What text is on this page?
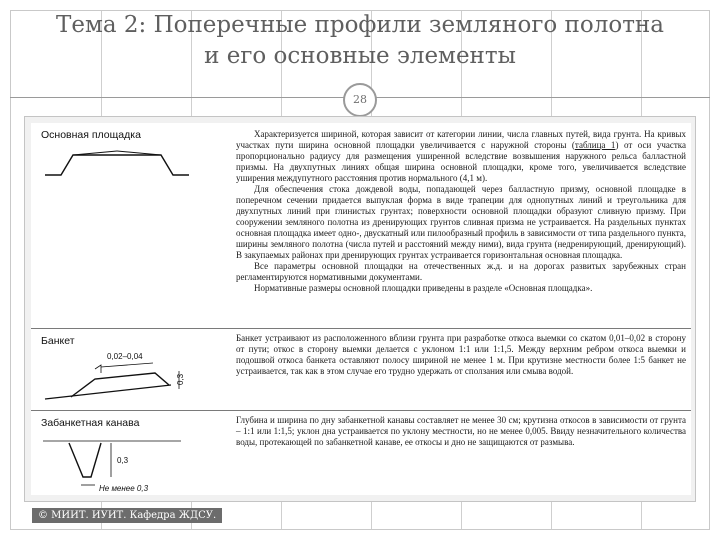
Тема 2: Поперечные профили земляного полотна
и его основные элементы
28
Основная площадка	Характеризуется шириной, которая зависит от категории линии, числа главных путей, вида грунта. На кривых участках пути ширина основной площадки увеличивается с наружной стороны (таблица 1) от оси участка пропорционально радиусу для размещения уширенной вследствие возвышения наружного рельса балластной призмы. На двухпутных линиях общая ширина основной площадки, кроме того, увеличивается вследствие уширения междупутного расстояния против нормального (4,1 м).

Для обеспечения стока дождевой воды, попадающей через балластную призму, основной площадке в поперечном сечении придается выпуклая форма в виде трапеции для однопутных линий и треугольника для двухпутных линий при глинистых грунтах; поверхности основной площадки образуют сливную призму. При сооружении земляного полотна из дренирующих грунтов сливная призма не устраивается. На раздельных пунктах основная площадка имеет одно-, двускатный или пилообразный профиль в зависимости от типа раздельного пункта, ширины земляного полотна (числа путей и расстояний между ними), вида грунта (недренирующий, дренирующий). В закупаемых районах при дренирующих грунтах устраивается горизонтальная основная площадка.

Все параметры основной площадки на отечественных ж.д. и на дорогах развитых зарубежных стран регламентируются нормативными документами.

Нормативные размеры основной площадки приведены в разделе «Основная площадка».

Банкет
0,02–0,04
0,3
Банкет устраивают из расположенного вблизи грунта при разработке откоса выемки со скатом 0,01–0,02 в сторону от пути; откос в сторону выемки делается с уклоном 1:1 или 1:1,5. Между верхним ребром откоса выемки и подошвой откоса банкета оставляют полосу шириной не менее 1 м. При крутизне местности более 1:5 банкет не устраивается, так как в этом случае его трудно удержать от сползания или смыва водой.
Забанкетная канава
0,3
Не менее 0,3
Глубина и ширина по дну забанкетной канавы составляет не менее 30 см; крутизна откосов в зависимости от грунта – 1:1 или 1:1,5; уклон дна устраивается по уклону местности, но не менее 0,005. Ввиду незначительного количества воды, протекающей по забанкетной канаве, ее откосы и дно не защищаются от размыва.
© МИИТ. ИУИТ. Кафедра ЖДСУ.
